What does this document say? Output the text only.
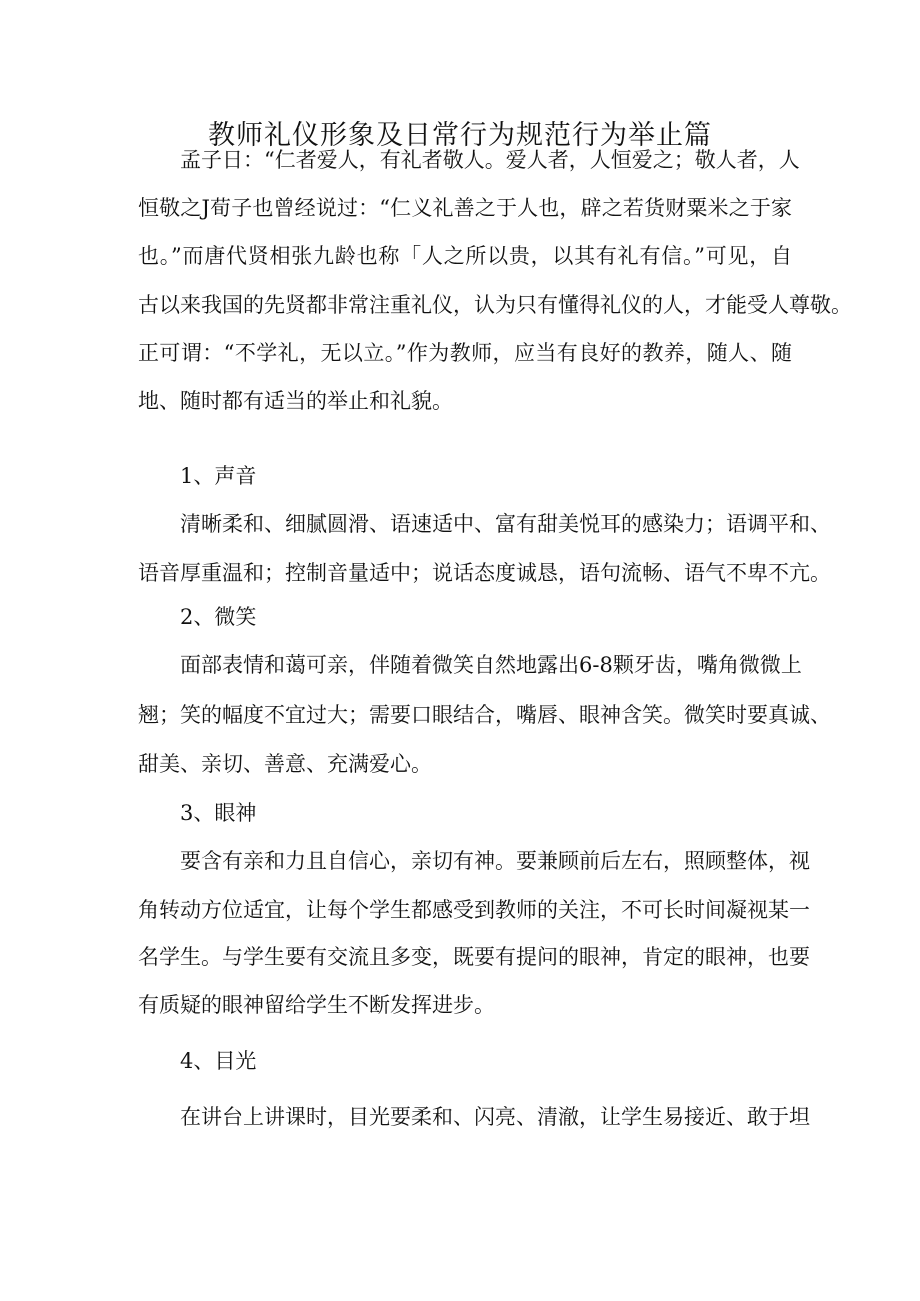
教师礼仪形象及日常行为规范行为举止篇

孟子日：“仁者爱人，有礼者敬人。爱人者，人恒爱之；敬人者，人

恒敬之J荀子也曾经说过：“仁义礼善之于人也，辟之若货财粟米之于家

也。”而唐代贤相张九龄也称「人之所以贵，以其有礼有信。”可见，自

古以来我国的先贤都非常注重礼仪，认为只有懂得礼仪的人，才能受人尊敬。

正可谓：“不学礼，无以立。”作为教师，应当有良好的教养，随人、随

地、随时都有适当的举止和礼貌。

1、声音

清晰柔和、细腻圆滑、语速适中、富有甜美悦耳的感染力；语调平和、

语音厚重温和；控制音量适中；说话态度诚恳，语句流畅、语气不卑不亢。

2、微笑

面部表情和蔼可亲，伴随着微笑自然地露出6-8颗牙齿，嘴角微微上

翘；笑的幅度不宜过大；需要口眼结合，嘴唇、眼神含笑。微笑时要真诚、

甜美、亲切、善意、充满爱心。

3、眼神

要含有亲和力且自信心，亲切有神。要兼顾前后左右，照顾整体，视

角转动方位适宜，让每个学生都感受到教师的关注，不可长时间凝视某一

名学生。与学生要有交流且多变，既要有提问的眼神，肯定的眼神，也要

有质疑的眼神留给学生不断发挥进步。

4、目光

在讲台上讲课时，目光要柔和、闪亮、清澈，让学生易接近、敢于坦
